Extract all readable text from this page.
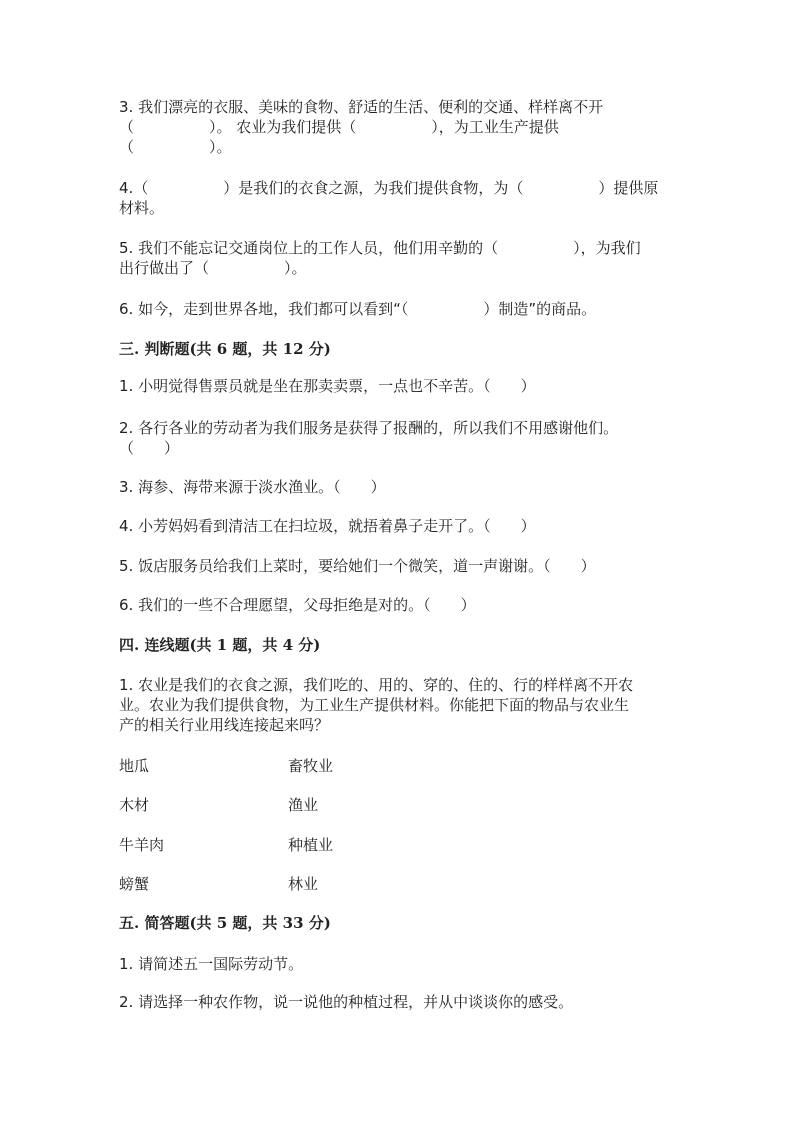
3. 我们漂亮的衣服、美味的食物、舒适的生活、便利的交通、样样离不开
（　　　　　）。 农业为我们提供（　　　　　），为工业生产提供
（　　　　　）。
4.（　　　　　）是我们的衣食之源，为我们提供食物，为（　　　　　）提供原
材料。
5. 我们不能忘记交通岗位上的工作人员，他们用辛勤的（　　　　　），为我们
出行做出了（　　　　　）。
6. 如今，走到世界各地，我们都可以看到“（　　　　　）制造”的商品。
三. 判断题(共 6 题，共 12 分)
1. 小明觉得售票员就是坐在那卖卖票，一点也不辛苦。（　　）
2. 各行各业的劳动者为我们服务是获得了报酬的，所以我们不用感谢他们。
（　　）
3. 海参、海带来源于淡水渔业。（　　）
4. 小芳妈妈看到清洁工在扫垃圾，就捂着鼻子走开了。（　　）
5. 饭店服务员给我们上菜时，要给她们一个微笑，道一声谢谢。（　　）
6. 我们的一些不合理愿望，父母拒绝是对的。（　　）
四. 连线题(共 1 题，共 4 分)
1. 农业是我们的衣食之源，我们吃的、用的、穿的、住的、行的样样离不开农
业。农业为我们提供食物，为工业生产提供材料。你能把下面的物品与农业生
产的相关行业用线连接起来吗？
地瓜	畜牧业
木材	渔业
牛羊肉	种植业
螃蟹	林业
五. 简答题(共 5 题，共 33 分)
1. 请简述五一国际劳动节。
2. 请选择一种农作物，说一说他的种植过程，并从中谈谈你的感受。
